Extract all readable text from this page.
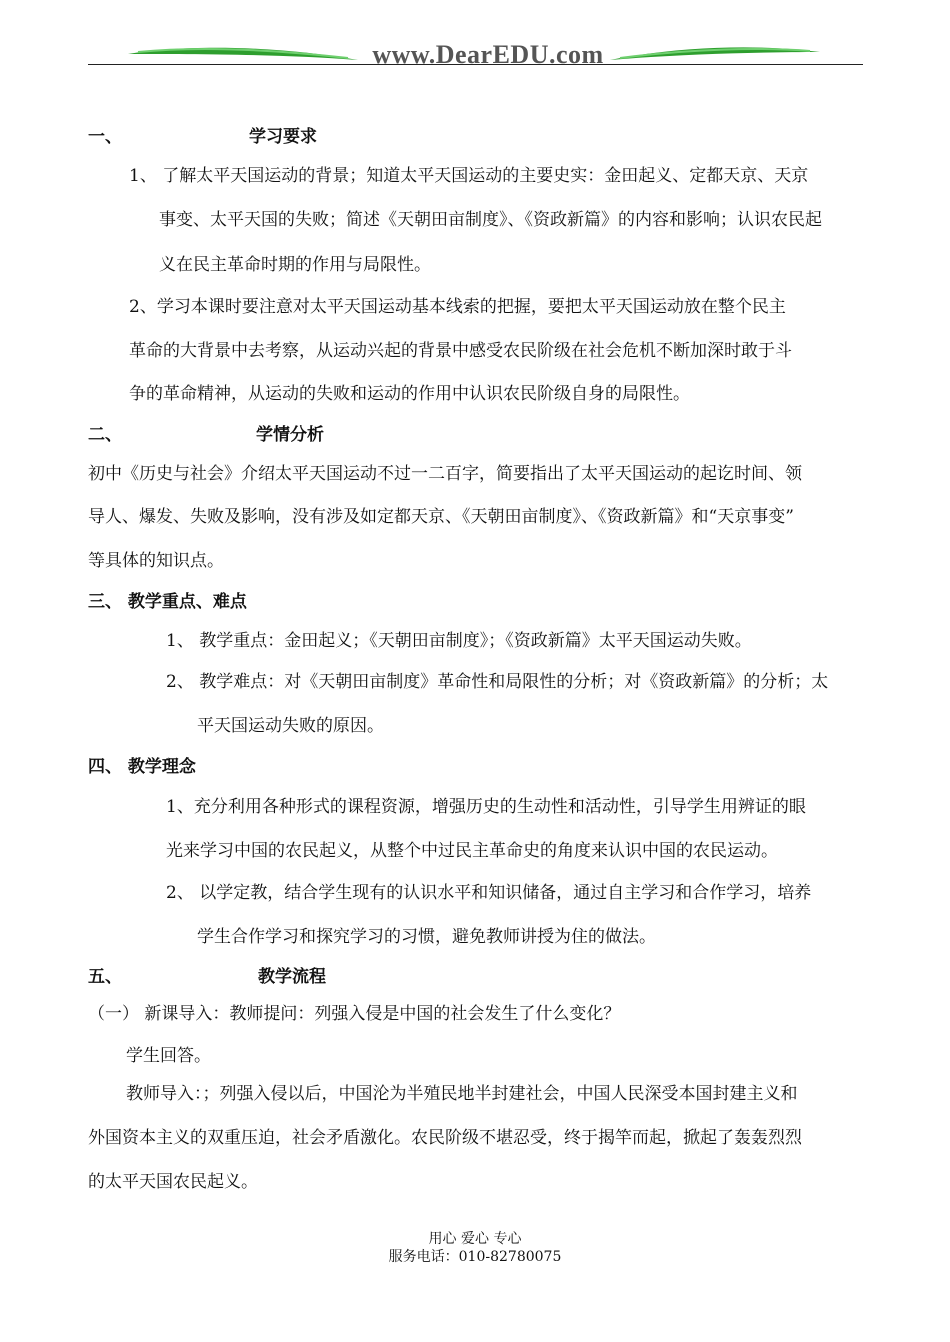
www.DearEDU.com
一、	学习要求
1、 了解太平天国运动的背景；知道太平天国运动的主要史实：金田起义、定都天京、天京
事变、太平天国的失败；简述《天朝田亩制度》、《资政新篇》的内容和影响；认识农民起
义在民主革命时期的作用与局限性。
2、学习本课时要注意对太平天国运动基本线索的把握，要把太平天国运动放在整个民主
革命的大背景中去考察，从运动兴起的背景中感受农民阶级在社会危机不断加深时敢于斗
争的革命精神，从运动的失败和运动的作用中认识农民阶级自身的局限性。
二、	学情分析
初中《历史与社会》介绍太平天国运动不过一二百字，简要指出了太平天国运动的起讫时间、领
导人、爆发、失败及影响，没有涉及如定都天京、《天朝田亩制度》、《资政新篇》和“天京事变”
等具体的知识点。
三、 教学重点、难点
1、 教学重点：金田起义；《天朝田亩制度》；《资政新篇》太平天国运动失败。
2、 教学难点：对《天朝田亩制度》革命性和局限性的分析；对《资政新篇》的分析；太
平天国运动失败的原因。
四、 教学理念
1、充分利用各种形式的课程资源，增强历史的生动性和活动性，引导学生用辨证的眼
光来学习中国的农民起义，从整个中过民主革命史的角度来认识中国的农民运动。
2、 以学定教，结合学生现有的认识水平和知识储备，通过自主学习和合作学习，培养
学生合作学习和探究学习的习惯，避免教师讲授为住的做法。
五、	教学流程
（一） 新课导入：教师提问：列强入侵是中国的社会发生了什么变化？
学生回答。
教师导入：；列强入侵以后，中国沦为半殖民地半封建社会，中国人民深受本国封建主义和
外国资本主义的双重压迫，社会矛盾激化。农民阶级不堪忍受，终于揭竿而起，掀起了轰轰烈烈
的太平天国农民起义。
用心 爱心 专心
服务电话：010-82780075
